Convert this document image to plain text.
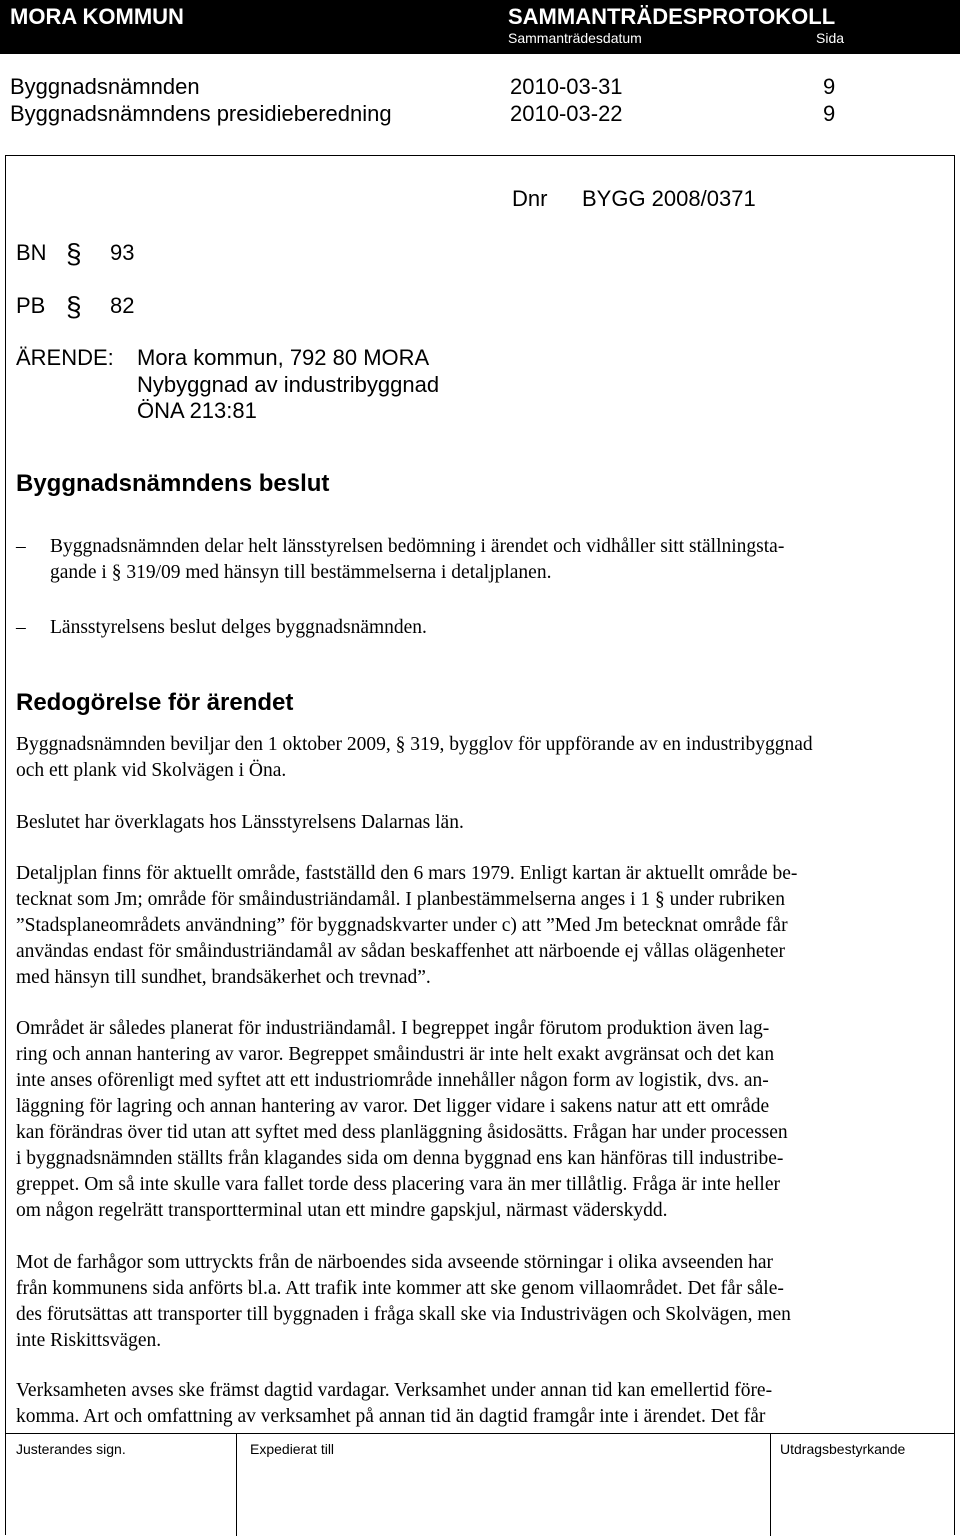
MORA KOMMUN	SAMMANTRÄDESPROTOKOLL
Sammanträdesdatum	Sida
Byggnadsnämnden	2010-03-31	9
Byggnadsnämndens presidieberedning	2010-03-22	9
Dnr BYGG 2008/0371
BN § 93
PB § 82
ÄRENDE: Mora kommun, 792 80 MORA
Nybyggnad av industribyggnad
ÖNA 213:81
Byggnadsnämndens beslut
– Byggnadsnämnden delar helt länsstyrelsen bedömning i ärendet och vidhåller sitt ställningsta-
gande i § 319/09 med hänsyn till bestämmelserna i detaljplanen.
– Länsstyrelsens beslut delges byggnadsnämnden.
Redogörelse för ärendet
Byggnadsnämnden beviljar den 1 oktober 2009, § 319, bygglov för uppförande av en industribyggnad
och ett plank vid Skolvägen i Öna.
Beslutet har överklagats hos Länsstyrelsens Dalarnas län.
Detaljplan finns för aktuellt område, fastställd den 6 mars 1979. Enligt kartan är aktuellt område be-
tecknat som Jm; område för småindustriändamål. I planbestämmelserna anges i 1 § under rubriken
”Stadsplaneområdets användning” för byggnadskvarter under c) att ”Med Jm betecknat område får
användas endast för småindustriändamål av sådan beskaffenhet att närboende ej vållas olägenheter
med hänsyn till sundhet, brandsäkerhet och trevnad”.
Området är således planerat för industriändamål. I begreppet ingår förutom produktion även lag-
ring och annan hantering av varor. Begreppet småindustri är inte helt exakt avgränsat och det kan
inte anses oförenligt med syftet att ett industriområde innehåller någon form av logistik, dvs. an-
läggning för lagring och annan hantering av varor. Det ligger vidare i sakens natur att ett område
kan förändras över tid utan att syftet med dess planläggning åsidosätts. Frågan har under processen
i byggnadsnämnden ställts från klagandes sida om denna byggnad ens kan hänföras till industribe-
greppet. Om så inte skulle vara fallet torde dess placering vara än mer tillåtlig. Fråga är inte heller
om någon regelrätt transportterminal utan ett mindre gapskjul, närmast väderskydd.
Mot de farhågor som uttryckts från de närboendes sida avseende störningar i olika avseenden har
från kommunens sida anförts bl.a. Att trafik inte kommer att ske genom villaområdet. Det får såle-
des förutsättas att transporter till byggnaden i fråga skall ske via Industrivägen och Skolvägen, men
inte Riskittsvägen.
Verksamheten avses ske främst dagtid vardagar. Verksamhet under annan tid kan emellertid före-
komma. Art och omfattning av verksamhet på annan tid än dagtid framgår inte i ärendet. Det får
Justerandes sign.	Expedierat till	Utdragsbestyrkande
